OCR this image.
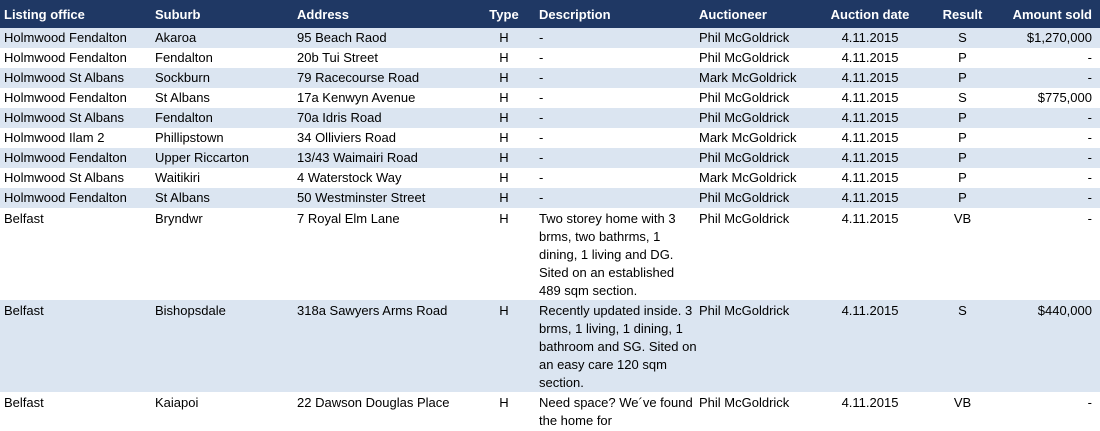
Listing office	Suburb	Address	Type	Description	Auctioneer	Auction date	Result	Amount sold
Holmwood Fendalton	Akaroa	95 Beach Raod	H	-	Phil McGoldrick	4.11.2015	S	$1,270,000
Holmwood Fendalton	Fendalton	20b Tui Street	H	-	Phil McGoldrick	4.11.2015	P	-
Holmwood St Albans	Sockburn	79 Racecourse Road	H	-	Mark McGoldrick	4.11.2015	P	-
Holmwood Fendalton	St Albans	17a Kenwyn Avenue	H	-	Phil McGoldrick	4.11.2015	S	$775,000
Holmwood St Albans	Fendalton	70a Idris Road	H	-	Phil McGoldrick	4.11.2015	P	-
Holmwood Ilam 2	Phillipstown	34 Olliviers Road	H	-	Mark McGoldrick	4.11.2015	P	-
Holmwood Fendalton	Upper Riccarton	13/43 Waimairi Road	H	-	Phil McGoldrick	4.11.2015	P	-
Holmwood St Albans	Waitikiri	4 Waterstock Way	H	-	Mark McGoldrick	4.11.2015	P	-
Holmwood Fendalton	St Albans	50 Westminster Street	H	-	Phil McGoldrick	4.11.2015	P	-
Belfast	Bryndwr	7 Royal Elm Lane	H	Two storey home with 3 brms, two bathrms, 1 dining, 1 living and DG. Sited on an established 489 sqm section.	Phil McGoldrick	4.11.2015	VB	-
Belfast	Bishopsdale	318a Sawyers Arms Road	H	Recently updated inside. 3 brms, 1 living, 1 dining, 1 bathroom and SG. Sited on an easy care 120 sqm section.	Phil McGoldrick	4.11.2015	S	$440,000
Belfast	Kaiapoi	22 Dawson Douglas Place	H	Need space? We´ve found the home for	Phil McGoldrick	4.11.2015	VB	-
